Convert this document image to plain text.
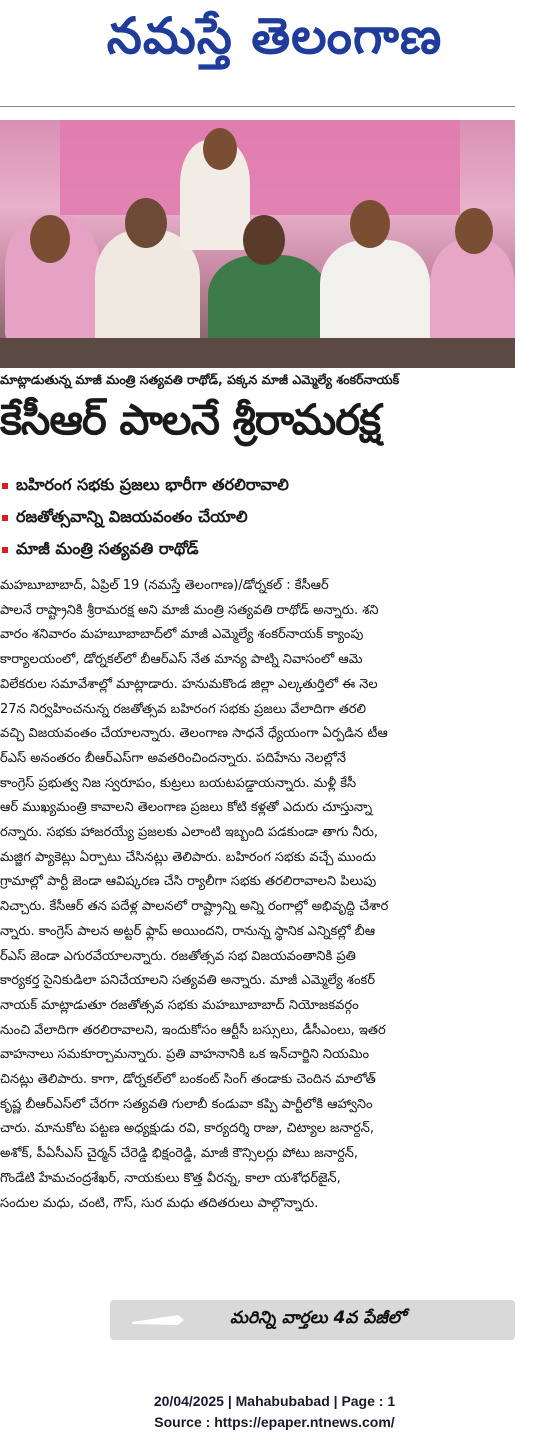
నమస్తే తెలంగాణ
మాట్లాడుతున్న మాజీ మంత్రి సత్యవతి రాథోడ్, పక్కన మాజీ ఎమ్మెల్యే శంకర్‌నాయక్
కేసీఆర్ పాలనే శ్రీరామరక్ష
బహిరంగ సభకు ప్రజలు భారీగా తరలిరావాలి
రజతోత్సవాన్ని విజయవంతం చేయాలి
మాజీ మంత్రి సత్యవతి రాథోడ్
మహబూబాబాద్, ఏప్రిల్ 19 (నమస్తే తెలంగాణ)/డోర్నకల్ : కేసీఆర్
పాలనే రాష్ట్రానికి శ్రీరామరక్ష అని మాజీ మంత్రి సత్యవతి రాథోడ్ అన్నారు. శని
వారం శనివారం మహబూబాబాద్‌లో మాజీ ఎమ్మెల్యే శంకర్‌నాయక్ క్యాంపు
కార్యాలయంలో, డోర్నకల్‌లో బీఆర్‌ఎస్ నేత మాన్య పాట్ని నివాసంలో ఆమె
విలేకరుల సమావేశాల్లో మాట్లాడారు. హనుమకొండ జిల్లా ఎల్కతుర్తిలో ఈ నెల
27న నిర్వహించనున్న రజతోత్సవ బహిరంగ సభకు ప్రజలు వేలాదిగా తరలి
వచ్చి విజయవంతం చేయాలన్నారు. తెలంగాణ సాధనే ధ్యేయంగా ఏర్పడిన టీఆ
ర్‌ఎస్ అనంతరం బీఆర్‌ఎస్‌గా అవతరించిందన్నారు. పదిహేను నెలల్లోనే
కాంగ్రెస్ ప్రభుత్వ నిజ స్వరూపం, కుట్రలు బయటపడ్డాయన్నారు. మళ్లీ కేసీ
ఆర్ ముఖ్యమంత్రి కావాలని తెలంగాణ ప్రజలు కోటి కళ్లతో ఎదురు చూస్తున్నా
రన్నారు. సభకు హాజరయ్యే ప్రజలకు ఎలాంటి ఇబ్బంది పడకుండా తాగు నీరు,
మజ్జిగ ప్యాకెట్లు ఏర్పాటు చేసినట్లు తెలిపారు. బహిరంగ సభకు వచ్చే ముందు
గ్రామాల్లో పార్టీ జెండా ఆవిష్కరణ చేసి ర్యాలీగా సభకు తరలిరావాలని పిలుపు
నిచ్చారు. కేసీఆర్ తన పదేళ్ల పాలనలో రాష్ట్రాన్ని అన్ని రంగాల్లో అభివృద్ధి చేశార
న్నారు. కాంగ్రెస్ పాలన అట్టర్ ఫ్లాప్ అయిందని, రానున్న స్థానిక ఎన్నికల్లో బీఆ
ర్‌ఎస్ జెండా ఎగురవేయాలన్నారు. రజతోత్సవ సభ విజయవంతానికి ప్రతి
కార్యకర్త సైనికుడిలా పనిచేయాలని సత్యవతి అన్నారు. మాజీ ఎమ్మెల్యే శంకర్
నాయక్ మాట్లాడుతూ రజతోత్సవ సభకు మహబూబాబాద్ నియోజకవర్గం
నుంచి వేలాదిగా తరలిరావాలని, ఇందుకోసం ఆర్టీసీ బస్సులు, డీసీఎంలు, ఇతర
వాహనాలు సమకూర్చామన్నారు. ప్రతి వాహనానికి ఒక ఇన్‌చార్జిని నియమిం
చినట్లు తెలిపారు. కాగా, డోర్నకల్‌లో బంకంట్ సింగ్ తండాకు చెందిన మాలోత్
కృష్ణ బీఆర్‌ఎస్‌లో చేరగా సత్యవతి గులాబీ కండువా కప్పి పార్టీలోకి ఆహ్వానిం
చారు. మానుకోట పట్టణ అధ్యక్షుడు రవి, కార్యదర్శి రాజు, చిట్యాల జనార్దన్,
అశోక్, పీఏసీఎస్ చైర్మన్ చేరెడ్డి భిక్షంరెడ్డి, మాజీ కౌన్సిలర్లు పోటు జనార్దన్,
గొండేటి హేమచంద్రశేఖర్, నాయకులు కొత్త వీరన్న, కాలా యశోధర్‌జైన్,
సందుల మధు, చంటి, గౌస్, సుర మధు తదితరులు పాల్గొన్నారు.
మరిన్ని వార్తలు 4వ పేజీలో
20/04/2025 | Mahabubabad | Page : 1
Source : https://epaper.ntnews.com/
